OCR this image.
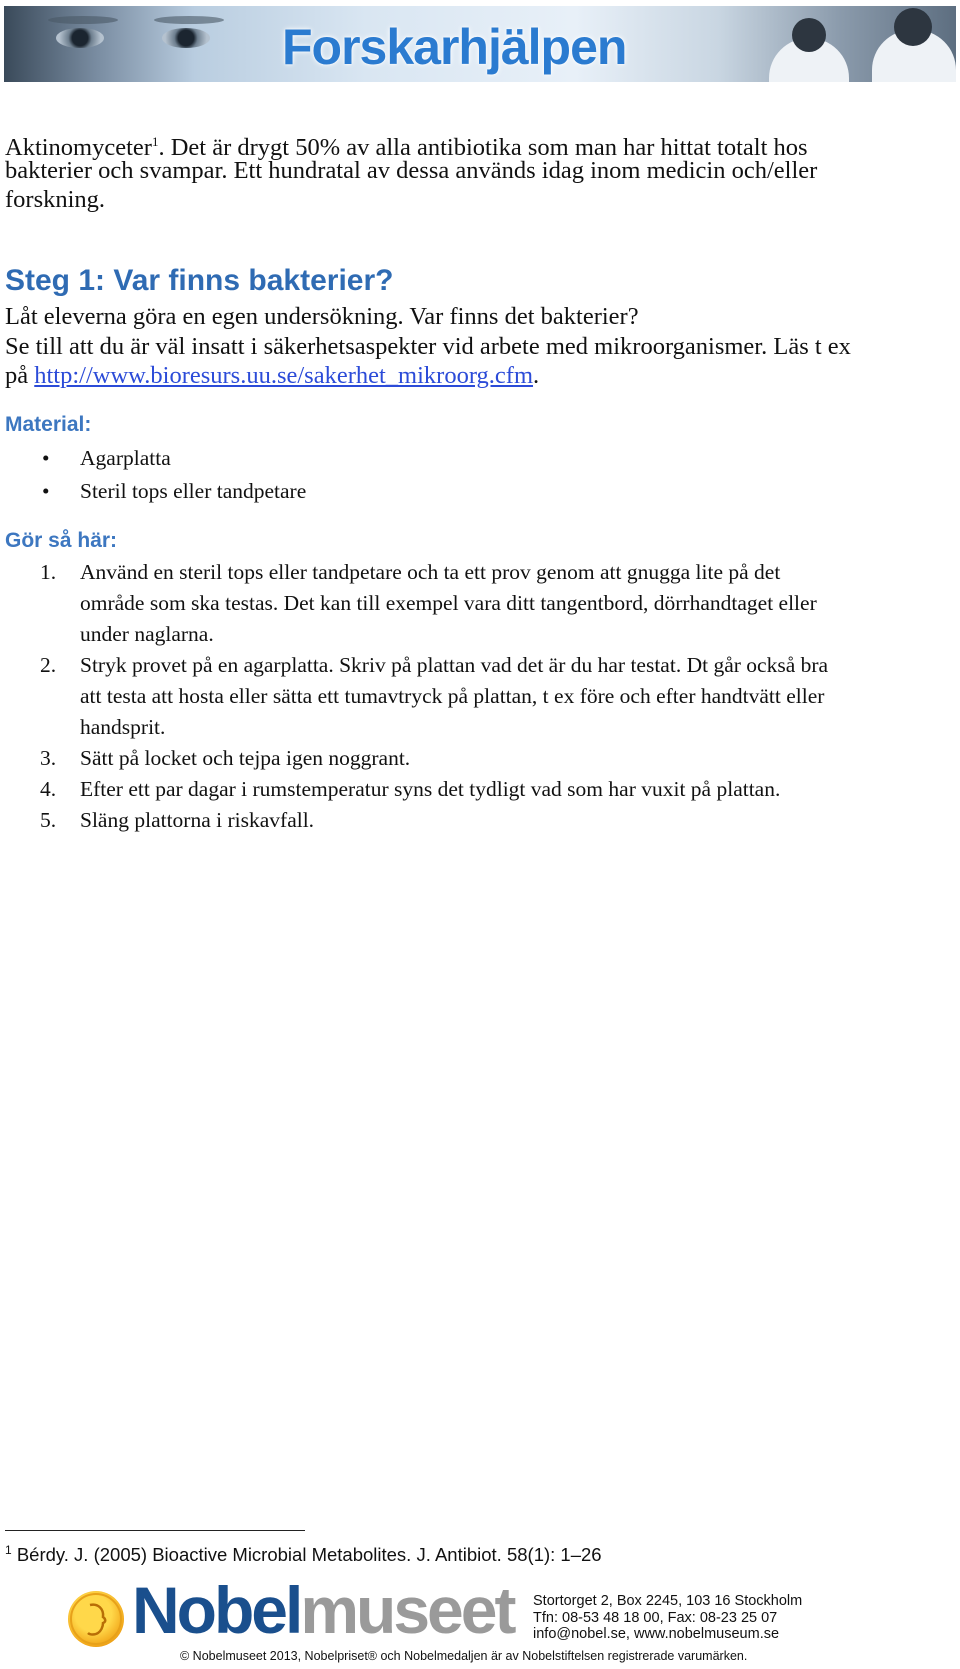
Forskarhjälpen
Aktinomyceter$^1$. Det är drygt 50% av alla antibiotika som man har hittat totalt hos
bakterier och svampar. Ett hundratal av dessa används idag inom medicin och/eller
forskning.
Steg 1: Var finns bakterier?
Låt eleverna göra en egen undersökning. Var finns det bakterier?
Se till att du är väl insatt i säkerhetsaspekter vid arbete med mikroorganismer. Läs t ex
på http://www.bioresurs.uu.se/sakerhet_mikroorg.cfm.
Material:
• Agarplatta
• Steril tops eller tandpetare
Gör så här:
1. Använd en steril tops eller tandpetare och ta ett prov genom att gnugga lite på det
område som ska testas. Det kan till exempel vara ditt tangentbord, dörrhandtaget eller
under naglarna.
2. Stryk provet på en agarplatta. Skriv på plattan vad det är du har testat. Dt går också bra
att testa att hosta eller sätta ett tumavtryck på plattan, t ex före och efter handtvätt eller
handsprit.
3. Sätt på locket och tejpa igen noggrant.
4. Efter ett par dagar i rumstemperatur syns det tydligt vad som har vuxit på plattan.
5. Släng plattorna i riskavfall.
$^1$ Bérdy. J. (2005) Bioactive Microbial Metabolites. J. Antibiot. 58(1): 1–26
Nobelmuseet Stortorget 2, Box 2245, 103 16 Stockholm
Tfn: 08-53 48 18 00, Fax: 08-23 25 07
info@nobel.se, www.nobelmuseum.se
© Nobelmuseet 2013, Nobelpriset® och Nobelmedaljen är av Nobelstiftelsen registrerade varumärken.
